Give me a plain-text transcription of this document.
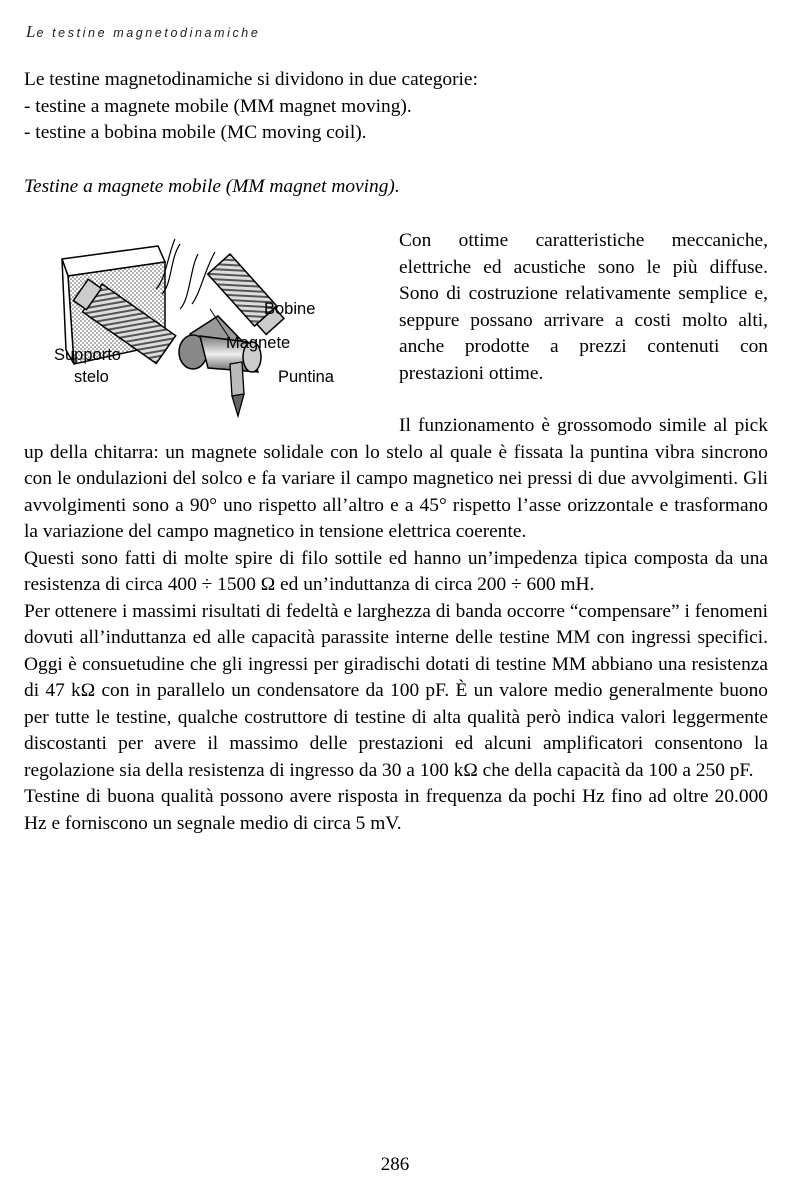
Le testine magnetodinamiche

Le testine magnetodinamiche si dividono in due categorie:

- testine a magnete mobile (MM magnet moving).

- testine a bobina mobile (MC moving coil).

Testine a magnete mobile (MM magnet moving).

Bobine
Magnete
Supporto
stelo	Puntina

Con ottime caratteristiche meccaniche, elettriche ed acustiche sono le più diffuse. Sono di costruzione relativamente semplice e, seppure possano arrivare a costi molto alti, anche prodotte a prezzi contenuti con prestazioni ottime.

Il funzionamento è grossomodo simile al pick up della chitarra: un magnete solidale con lo stelo al quale è fissata la puntina vibra sincrono con le ondulazioni del solco e fa variare il campo magnetico nei pressi di due avvolgimenti. Gli avvolgimenti sono a 90° uno rispetto all’altro e a 45° rispetto l’asse orizzontale e trasformano la variazione del campo magnetico in tensione elettrica coerente.

Questi sono fatti di molte spire di filo sottile ed hanno un’impedenza tipica composta da una resistenza di circa 400 ÷ 1500 Ω ed un’induttanza di circa 200 ÷ 600 mH.

Per ottenere i massimi risultati di fedeltà e larghezza di banda occorre “compensare” i fenomeni dovuti all’induttanza ed alle capacità parassite interne delle testine MM con ingressi specifici. Oggi è consuetudine che gli ingressi per giradischi dotati di testine MM abbiano una resistenza di 47 kΩ con in parallelo un condensatore da 100 pF. È un valore medio generalmente buono per tutte le testine, qualche costruttore di testine di alta qualità però indica valori leggermente discostanti per avere il massimo delle prestazioni ed alcuni amplificatori consentono la regolazione sia della resistenza di ingresso da 30 a 100 kΩ che della capacità da 100 a 250 pF.

Testine di buona qualità possono avere risposta in frequenza da pochi Hz fino ad oltre 20.000 Hz e forniscono un segnale medio di circa 5 mV.

286
